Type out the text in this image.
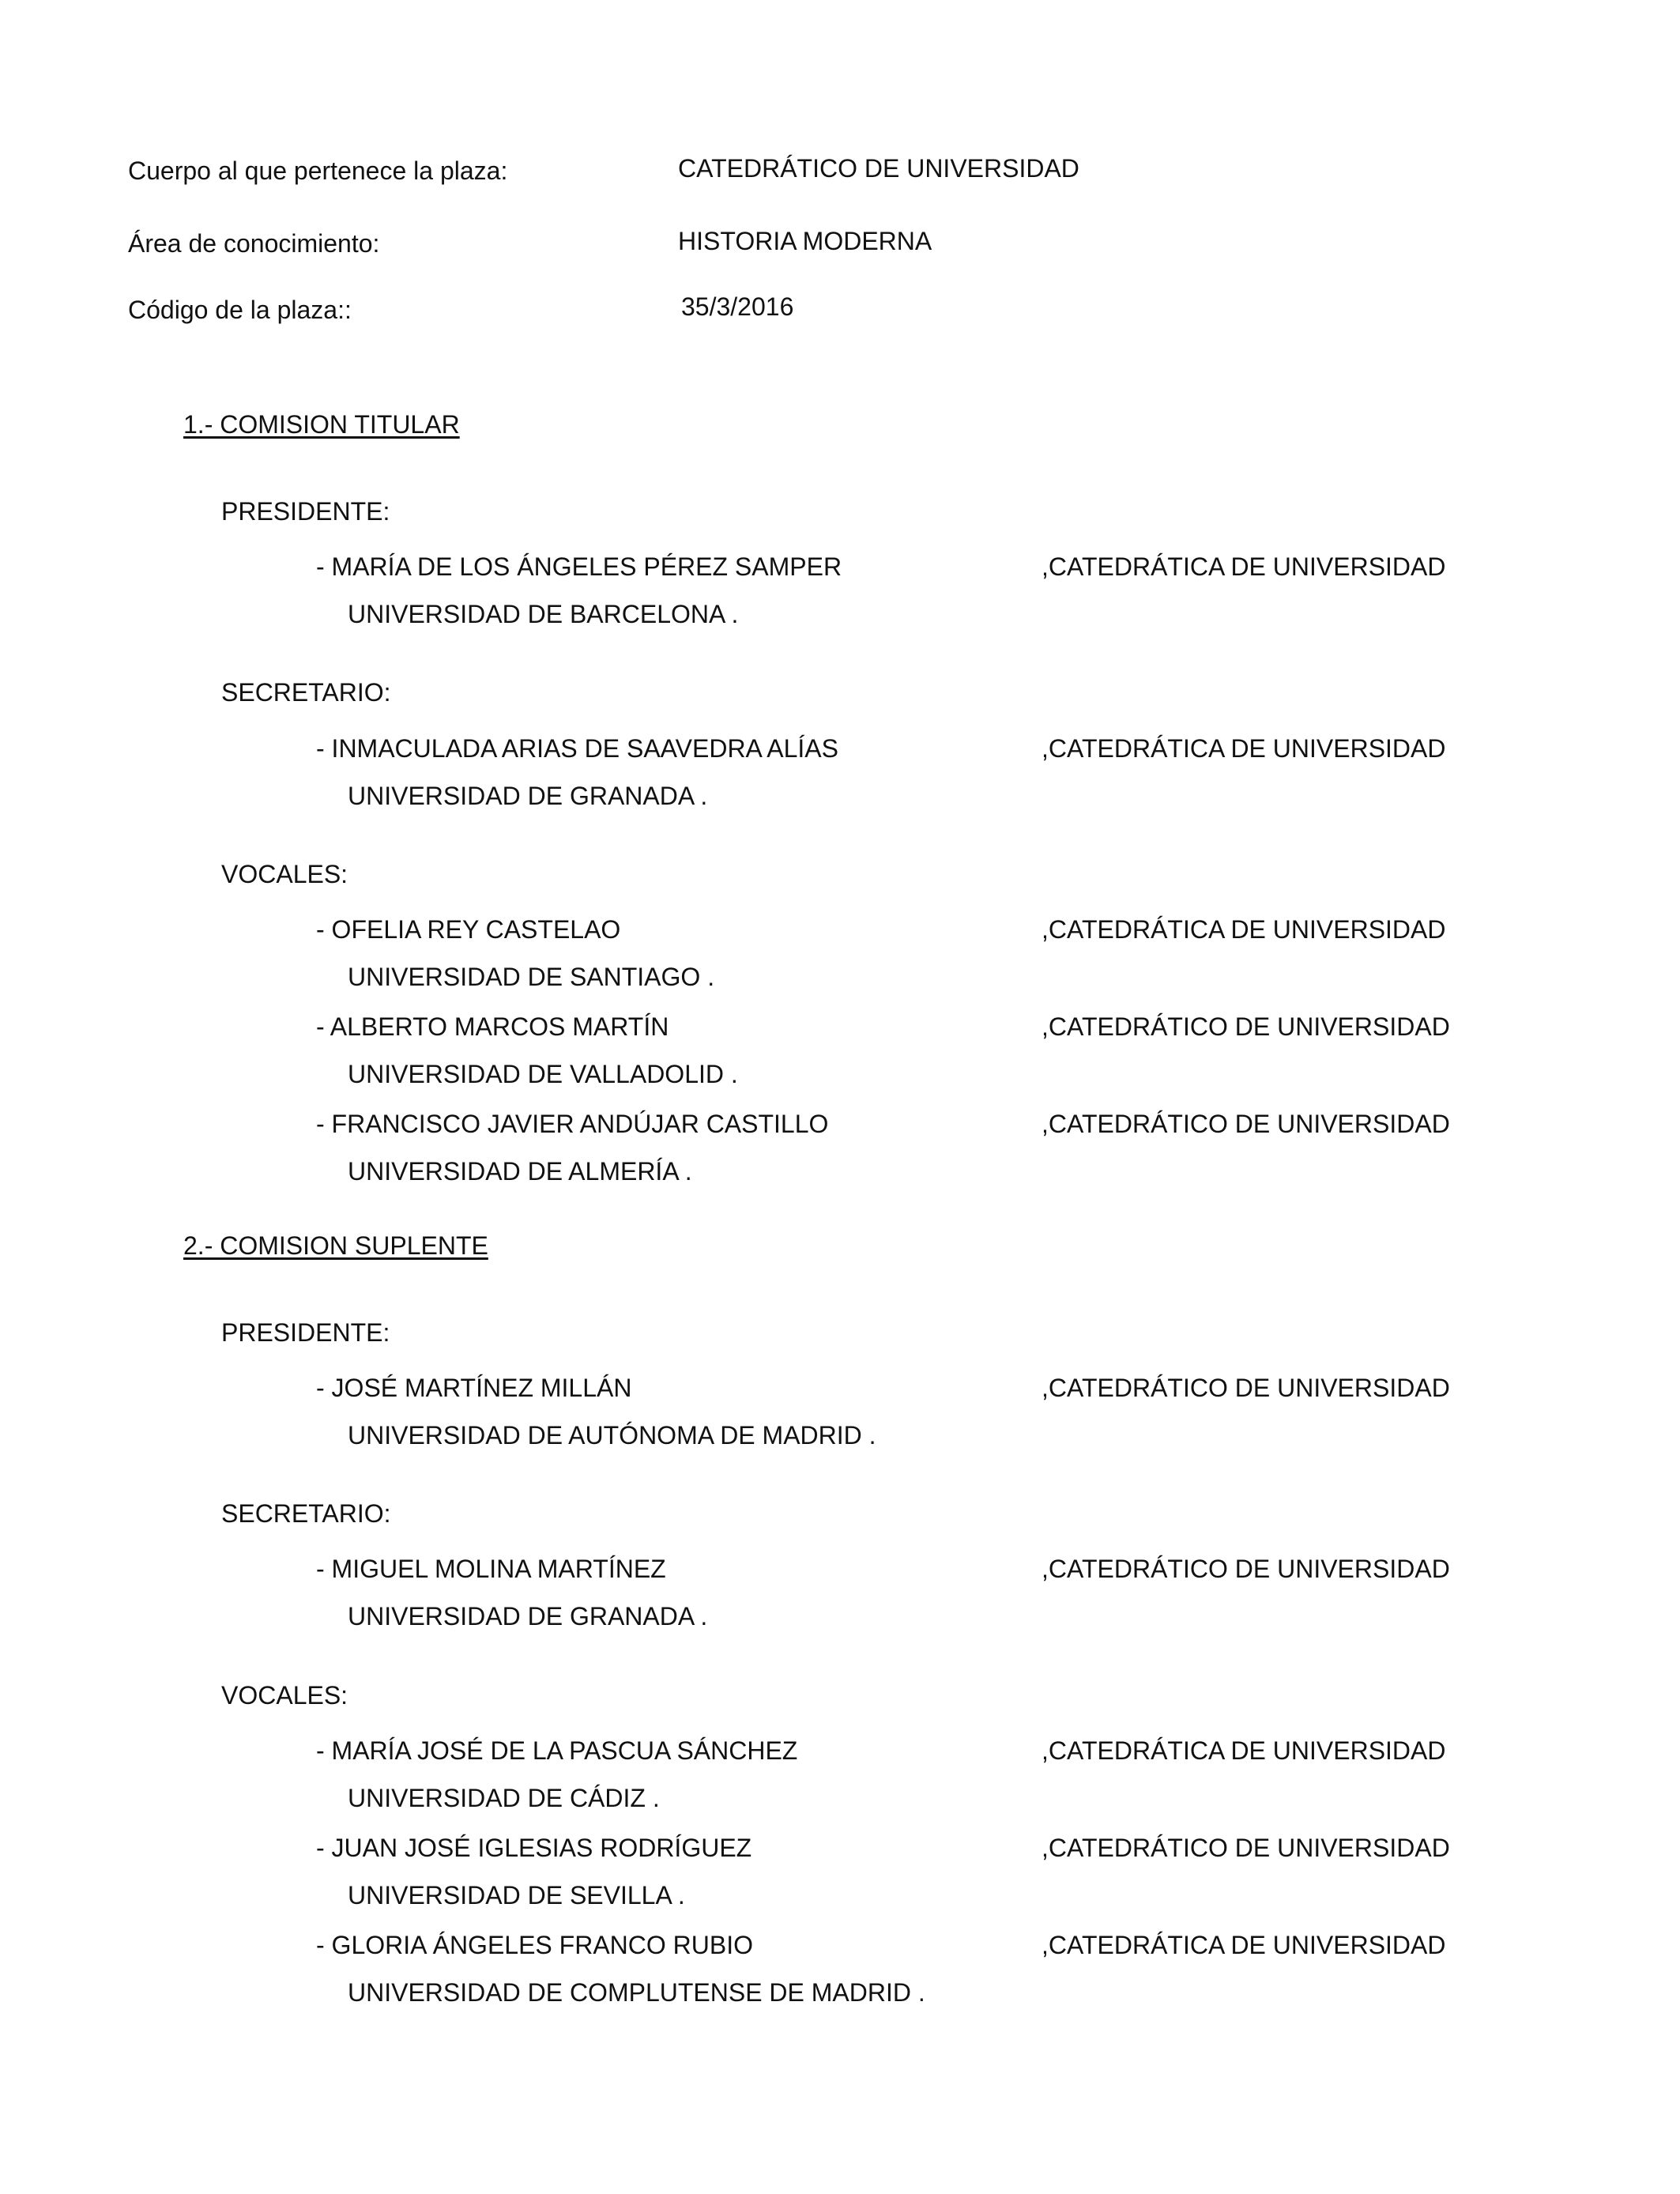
Cuerpo al que pertenece la plaza:	CATEDRÁTICO DE UNIVERSIDAD
Área de conocimiento:	HISTORIA MODERNA
Código de la plaza::	35/3/2016
1.- COMISION TITULAR
PRESIDENTE:
- MARÍA DE LOS ÁNGELES PÉREZ SAMPER	,CATEDRÁTICA DE UNIVERSIDAD
UNIVERSIDAD DE BARCELONA .
SECRETARIO:
- INMACULADA ARIAS DE SAAVEDRA ALÍAS	,CATEDRÁTICA DE UNIVERSIDAD
UNIVERSIDAD DE GRANADA .
VOCALES:
- OFELIA REY CASTELAO	,CATEDRÁTICA DE UNIVERSIDAD
UNIVERSIDAD DE SANTIAGO .
- ALBERTO MARCOS MARTÍN	,CATEDRÁTICO DE UNIVERSIDAD
UNIVERSIDAD DE VALLADOLID .
- FRANCISCO JAVIER ANDÚJAR CASTILLO	,CATEDRÁTICO DE UNIVERSIDAD
UNIVERSIDAD DE ALMERÍA .
2.- COMISION SUPLENTE
PRESIDENTE:
- JOSÉ MARTÍNEZ MILLÁN	,CATEDRÁTICO DE UNIVERSIDAD
UNIVERSIDAD DE AUTÓNOMA DE MADRID .
SECRETARIO:
- MIGUEL MOLINA MARTÍNEZ	,CATEDRÁTICO DE UNIVERSIDAD
UNIVERSIDAD DE GRANADA .
VOCALES:
- MARÍA JOSÉ DE LA PASCUA SÁNCHEZ	,CATEDRÁTICA DE UNIVERSIDAD
UNIVERSIDAD DE CÁDIZ .
- JUAN JOSÉ IGLESIAS RODRÍGUEZ	,CATEDRÁTICO DE UNIVERSIDAD
UNIVERSIDAD DE SEVILLA .
- GLORIA ÁNGELES FRANCO RUBIO	,CATEDRÁTICA DE UNIVERSIDAD
UNIVERSIDAD DE COMPLUTENSE DE MADRID .
